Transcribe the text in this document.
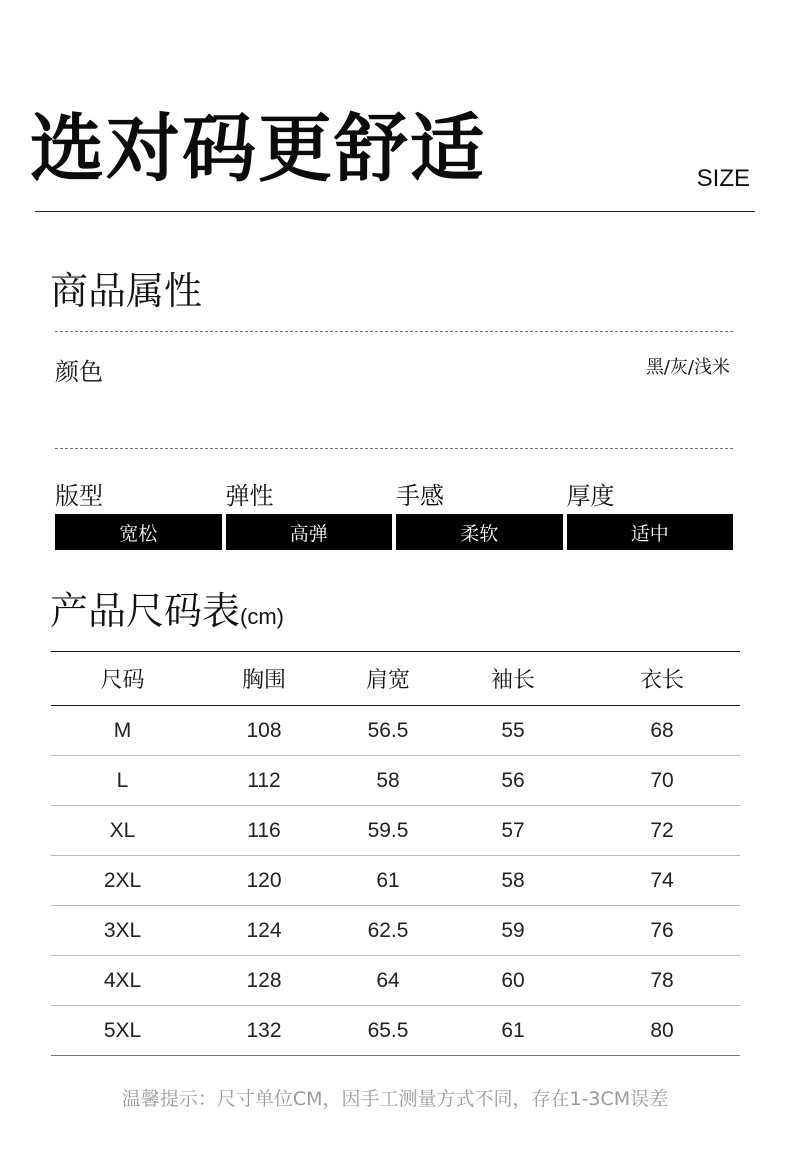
选对码更舒适	SIZE
商品属性
颜色	黑/灰/浅米
版型
宽松
弹性
高弹
手感
柔软
厚度
适中
产品尺码表(cm)
尺码	胸围	肩宽	袖长	衣长
M	108	56.5	55	68
L	112	58	56	70
XL	116	59.5	57	72
2XL	120	61	58	74
3XL	124	62.5	59	76
4XL	128	64	60	78
5XL	132	65.5	61	80
温馨提示：尺寸单位CM，因手工测量方式不同，存在1-3CM误差
